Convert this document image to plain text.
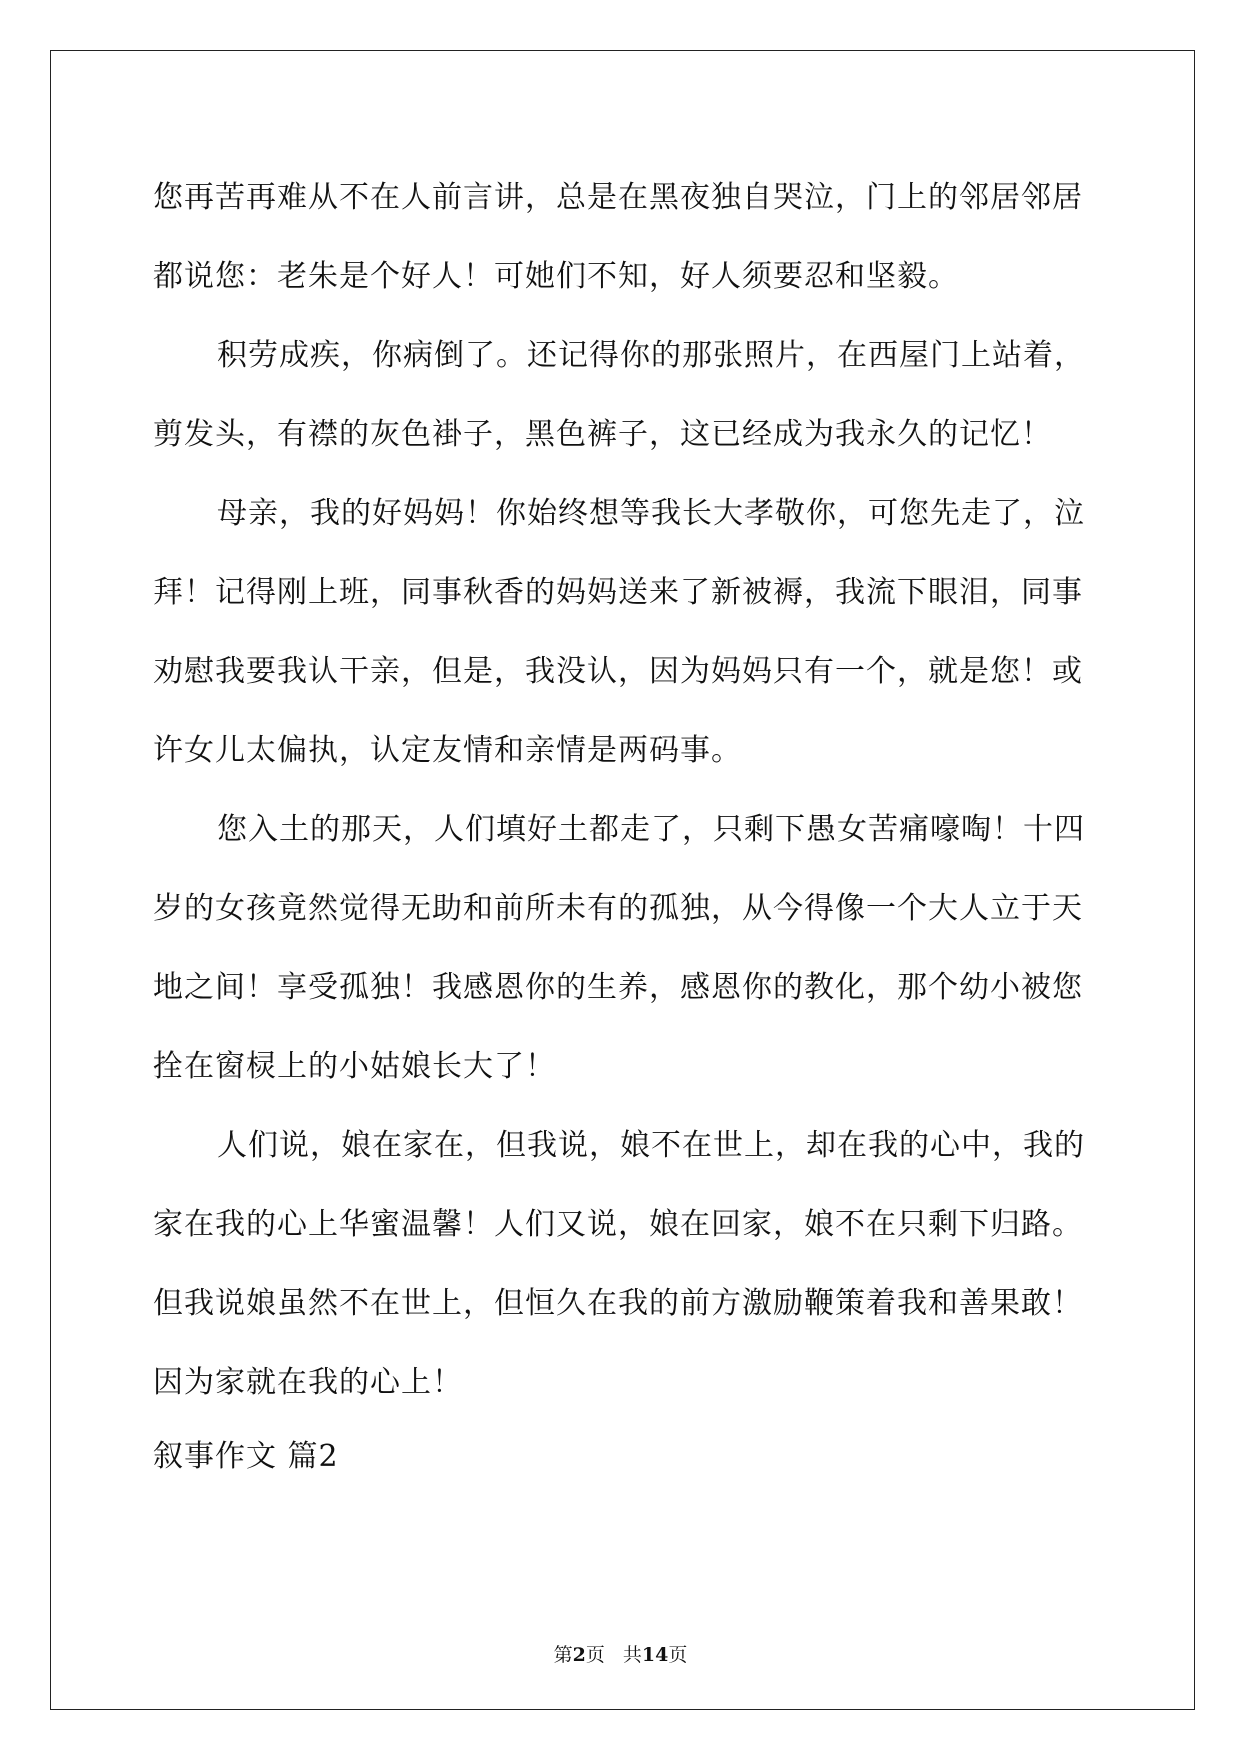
您再苦再难从不在人前言讲，总是在黑夜独自哭泣，门上的邻居邻居
都说您：老朱是个好人！可她们不知，好人须要忍和坚毅。
积劳成疾，你病倒了。还记得你的那张照片，在西屋门上站着，
剪发头，有襟的灰色褂子，黑色裤子，这已经成为我永久的记忆！
母亲，我的好妈妈！你始终想等我长大孝敬你，可您先走了，泣
拜！记得刚上班，同事秋香的妈妈送来了新被褥，我流下眼泪，同事
劝慰我要我认干亲，但是，我没认，因为妈妈只有一个，就是您！或
许女儿太偏执，认定友情和亲情是两码事。
您入土的那天，人们填好土都走了，只剩下愚女苦痛嚎啕！十四
岁的女孩竟然觉得无助和前所未有的孤独，从今得像一个大人立于天
地之间！享受孤独！我感恩你的生养，感恩你的教化，那个幼小被您
拴在窗棂上的小姑娘长大了！
人们说，娘在家在，但我说，娘不在世上，却在我的心中，我的
家在我的心上华蜜温馨！人们又说，娘在回家，娘不在只剩下归路。
但我说娘虽然不在世上，但恒久在我的前方激励鞭策着我和善果敢！
因为家就在我的心上！
叙事作文 篇2
第2页 共14页
